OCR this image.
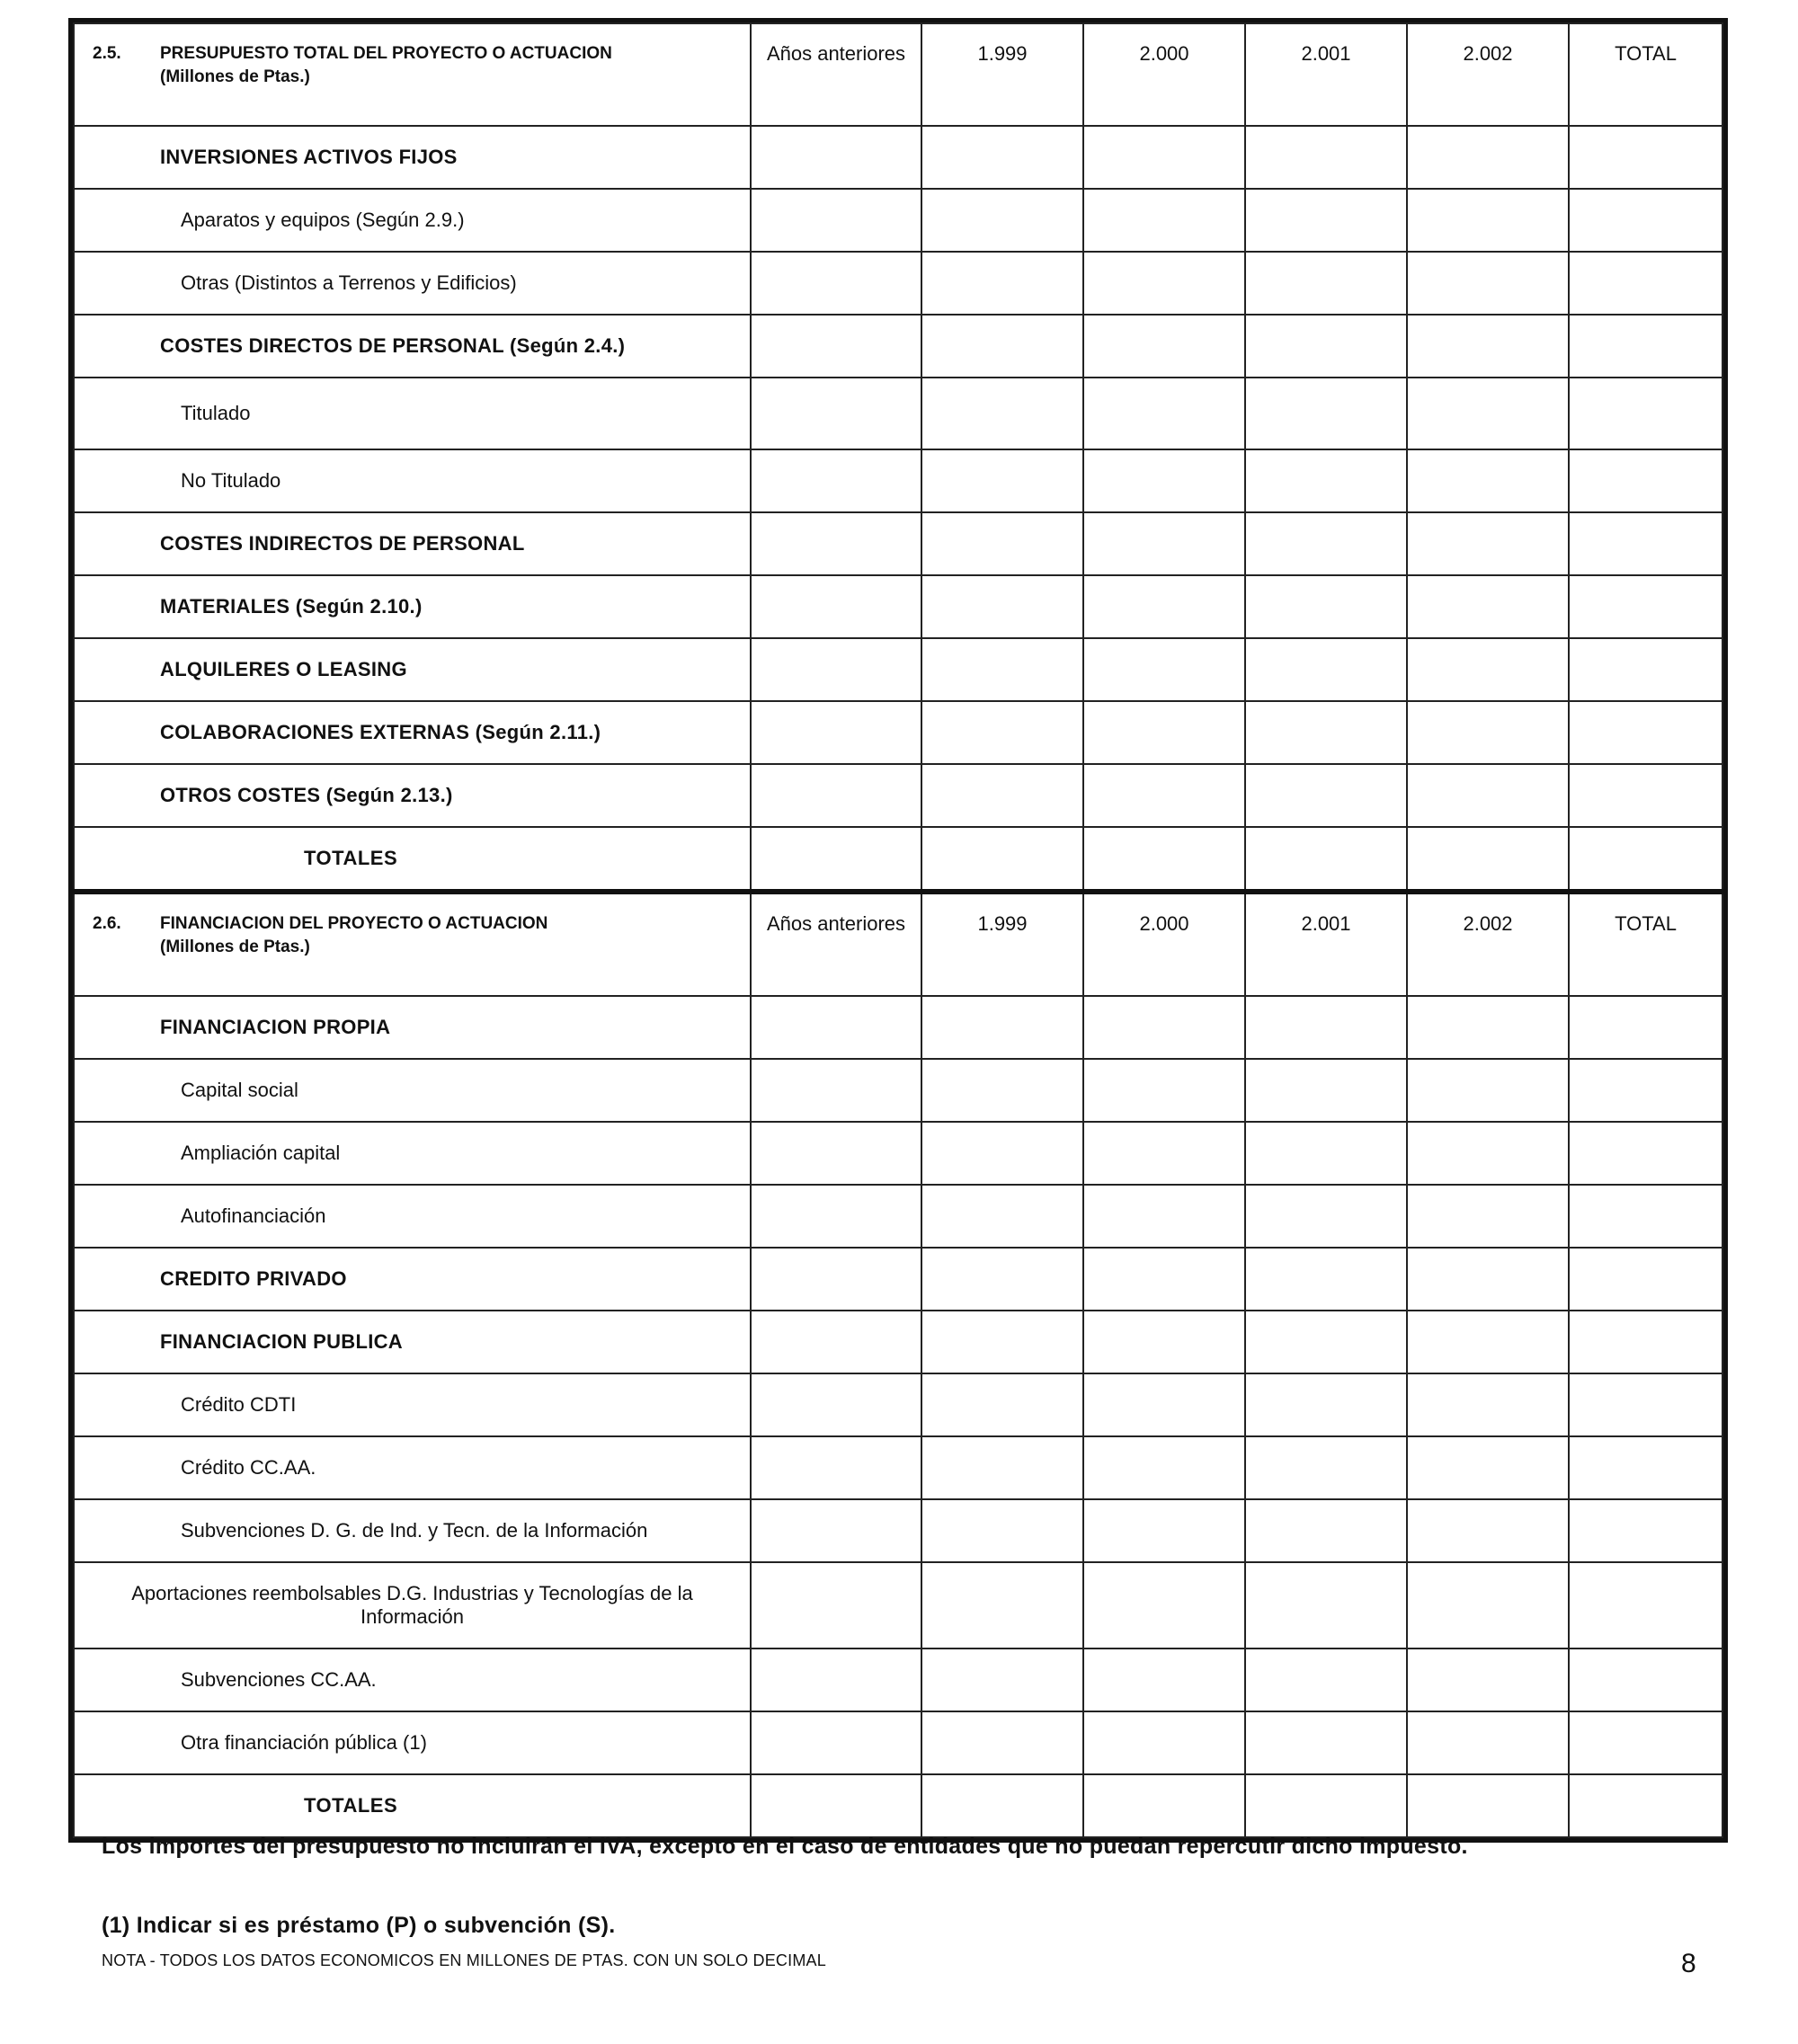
2.5. PRESUPUESTO TOTAL DEL PROYECTO O ACTUACION
(Millones de Ptas.)	Años anteriores	1.999	2.000	2.001	2.002	TOTAL
INVERSIONES ACTIVOS FIJOS						
Aparatos y equipos (Según 2.9.)						
Otras (Distintos a Terrenos y Edificios)						
COSTES DIRECTOS DE PERSONAL (Según 2.4.)						
Titulado						
No Titulado						
COSTES INDIRECTOS DE PERSONAL						
MATERIALES (Según 2.10.)						
ALQUILERES O LEASING						
COLABORACIONES EXTERNAS (Según 2.11.)						
OTROS COSTES (Según 2.13.)						
TOTALES						

2.6. FINANCIACION DEL PROYECTO O ACTUACION
(Millones de Ptas.)	Años anteriores	1.999	2.000	2.001	2.002	TOTAL
FINANCIACION PROPIA						
Capital social						
Ampliación capital						
Autofinanciación						
CREDITO PRIVADO						
FINANCIACION PUBLICA						
Crédito CDTI						
Crédito CC.AA.						
Subvenciones D. G. de Ind. y Tecn. de la Información						
Aportaciones reembolsables D.G. Industrias y Tecnologías de la Información						
Subvenciones CC.AA.						
Otra financiación pública (1)						
TOTALES						
Los importes del presupuesto no incluirán el IVA, excepto en el caso de entidades que no puedan repercutir dicho impuesto.
(1) Indicar si es préstamo (P) o subvención (S).
NOTA - TODOS LOS DATOS ECONOMICOS EN MILLONES DE PTAS. CON UN SOLO DECIMAL	8
